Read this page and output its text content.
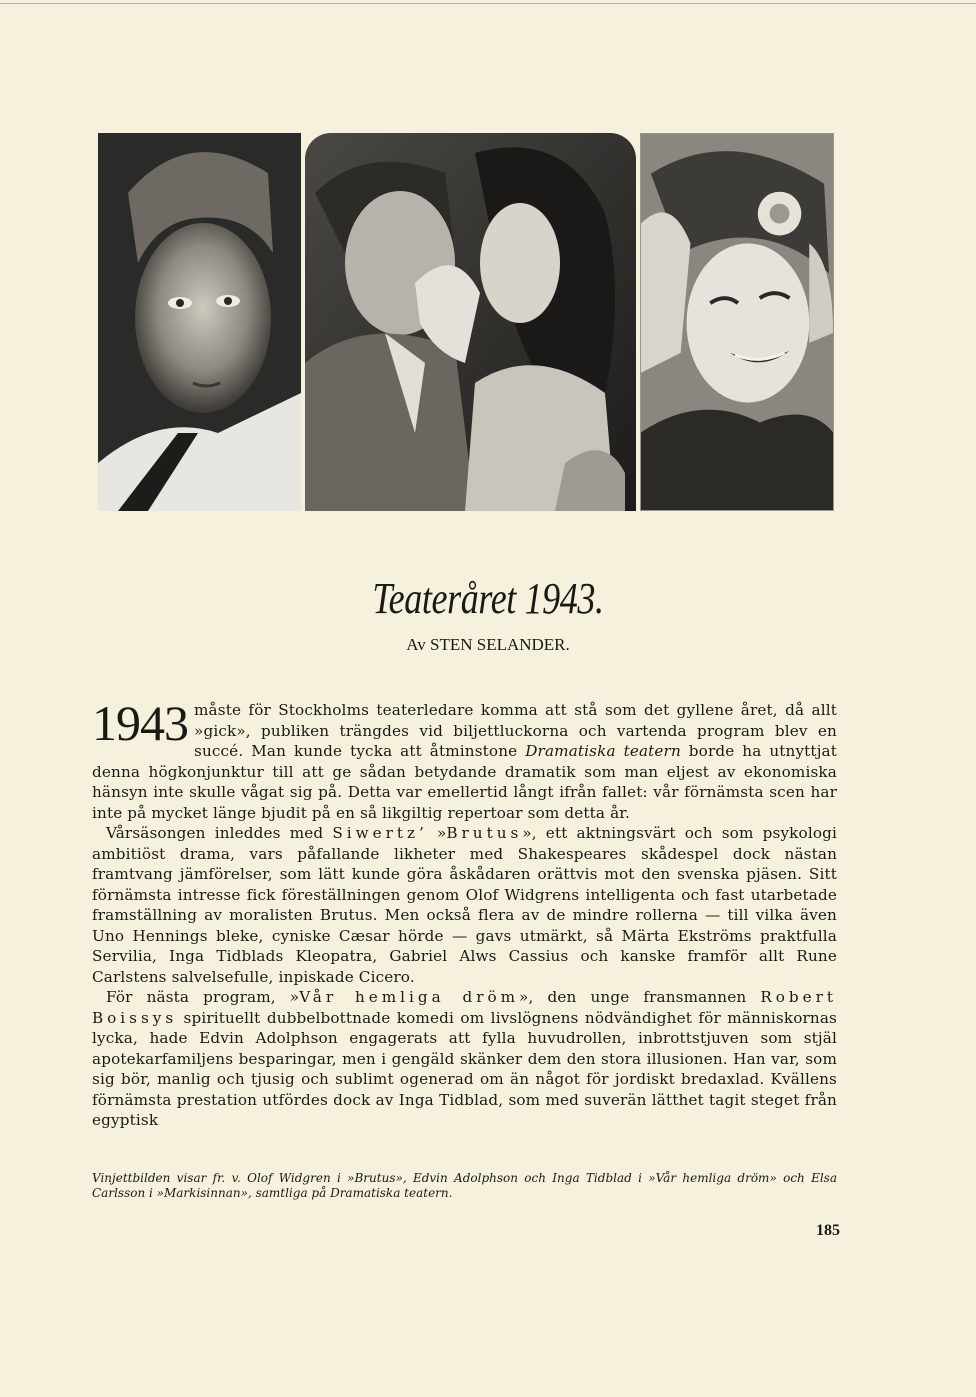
Teateråret 1943.
Av STEN SELANDER.

1943 måste för Stockholms teaterledare komma att stå som det gyllene året, då allt »gick», publiken trängdes vid biljettluckorna och vartenda program blev en succé. Man kunde tycka att åtminstone Dramatiska teatern borde ha utnyttjat denna högkonjunktur till att ge sådan betydande dramatik som man eljest av ekonomiska hänsyn inte skulle vågat sig på. Detta var emellertid långt ifrån fallet: vår förnämsta scen har inte på mycket länge bjudit på en så likgiltig repertoar som detta år.

Vårsäsongen inleddes med Siwertz’ »Brutus», ett aktningsvärt och som psykologi ambitiöst drama, vars påfallande likheter med Shakespeares skådespel dock nästan framtvang jämförelser, som lätt kunde göra åskådaren orättvis mot den svenska pjäsen. Sitt förnämsta intresse fick föreställningen genom Olof Widgrens intelligenta och fast utarbetade framställning av moralisten Brutus. Men också flera av de mindre rollerna — till vilka även Uno Hennings bleke, cyniske Cæsar hörde — gavs utmärkt, så Märta Ekströms praktfulla Servilia, Inga Tidblads Kleopatra, Gabriel Alws Cassius och kanske framför allt Rune Carlstens salvelsefulle, inpiskade Cicero.

För nästa program, »Vår hemliga dröm», den unge fransmannen Robert Boissys spirituellt dubbelbottnade komedi om livslögnens nödvändighet för människornas lycka, hade Edvin Adolphson engagerats att fylla huvudrollen, inbrottstjuven som stjäl apotekarfamiljens besparingar, men i gengäld skänker dem den stora illusionen. Han var, som sig bör, manlig och tjusig och sublimt ogenerad om än något för jordiskt bredaxlad. Kvällens förnämsta prestation utfördes dock av Inga Tidblad, som med suverän lätthet tagit steget från egyptisk

Vinjettbilden visar fr. v. Olof Widgren i »Brutus», Edvin Adolphson och Inga Tidblad i »Vår hemliga dröm» och Elsa Carlsson i »Markisinnan», samtliga på Dramatiska teatern.
185
